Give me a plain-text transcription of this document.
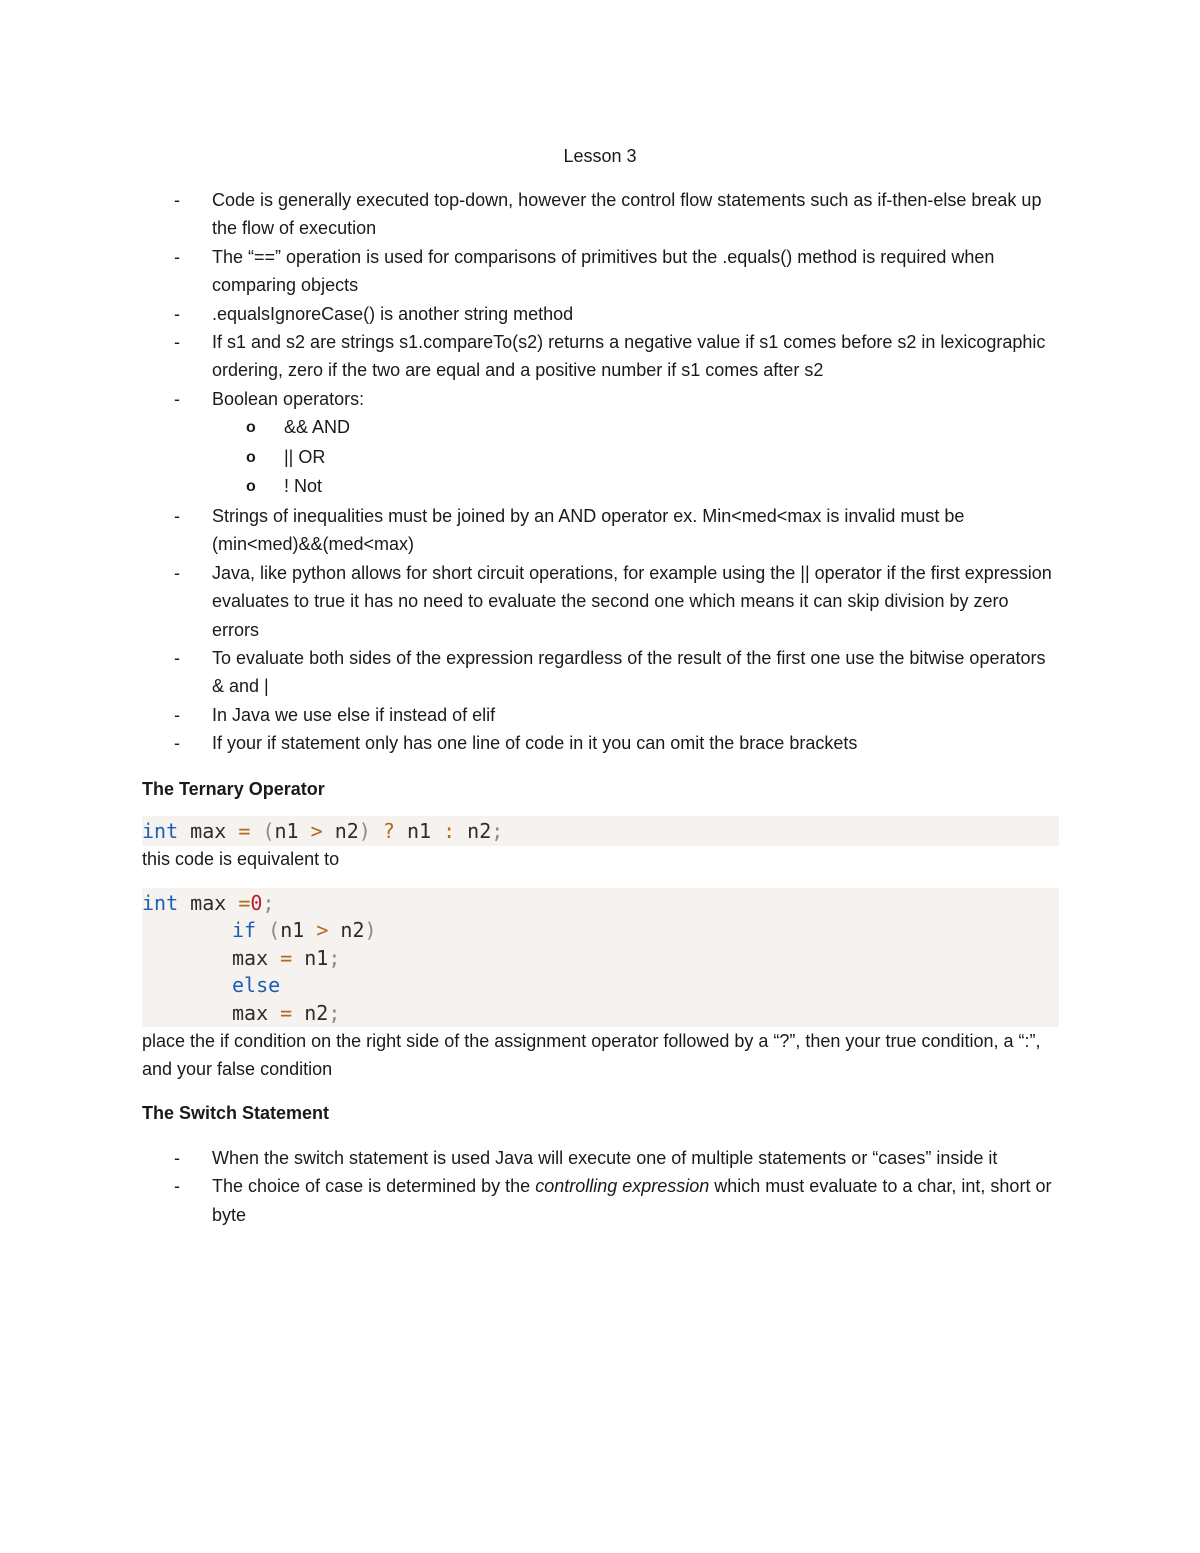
Lesson 3
- Code is generally executed top-down, however the control flow statements such as if-then-else break up the flow of execution
- The “==” operation is used for comparisons of primitives but the .equals() method is required when comparing objects
- .equalsIgnoreCase() is another string method
- If s1 and s2 are strings s1.compareTo(s2) returns a negative value if s1 comes before s2 in lexicographic ordering, zero if the two are equal and a positive number if s1 comes after s2
- Boolean operators:
o && AND
o || OR
o ! Not
- Strings of inequalities must be joined by an AND operator ex. Min<med<max is invalid must be (min<med)&&(med<max)
- Java, like python allows for short circuit operations, for example using the || operator if the first expression evaluates to true it has no need to evaluate the second one which means it can skip division by zero errors
- To evaluate both sides of the expression regardless of the result of the first one use the bitwise operators & and |
- In Java we use else if instead of elif
- If your if statement only has one line of code in it you can omit the brace brackets
The Ternary Operator
int max = (n1 > n2) ? n1 : n2;
this code is equivalent to
int max =0;
if (n1 > n2)
max = n1;
else
max = n2;
place the if condition on the right side of the assignment operator followed by a “?”, then your true condition, a “:”, and your false condition
The Switch Statement
- When the switch statement is used Java will execute one of multiple statements or “cases” inside it
- The choice of case is determined by the controlling expression which must evaluate to a char, int, short or byte
